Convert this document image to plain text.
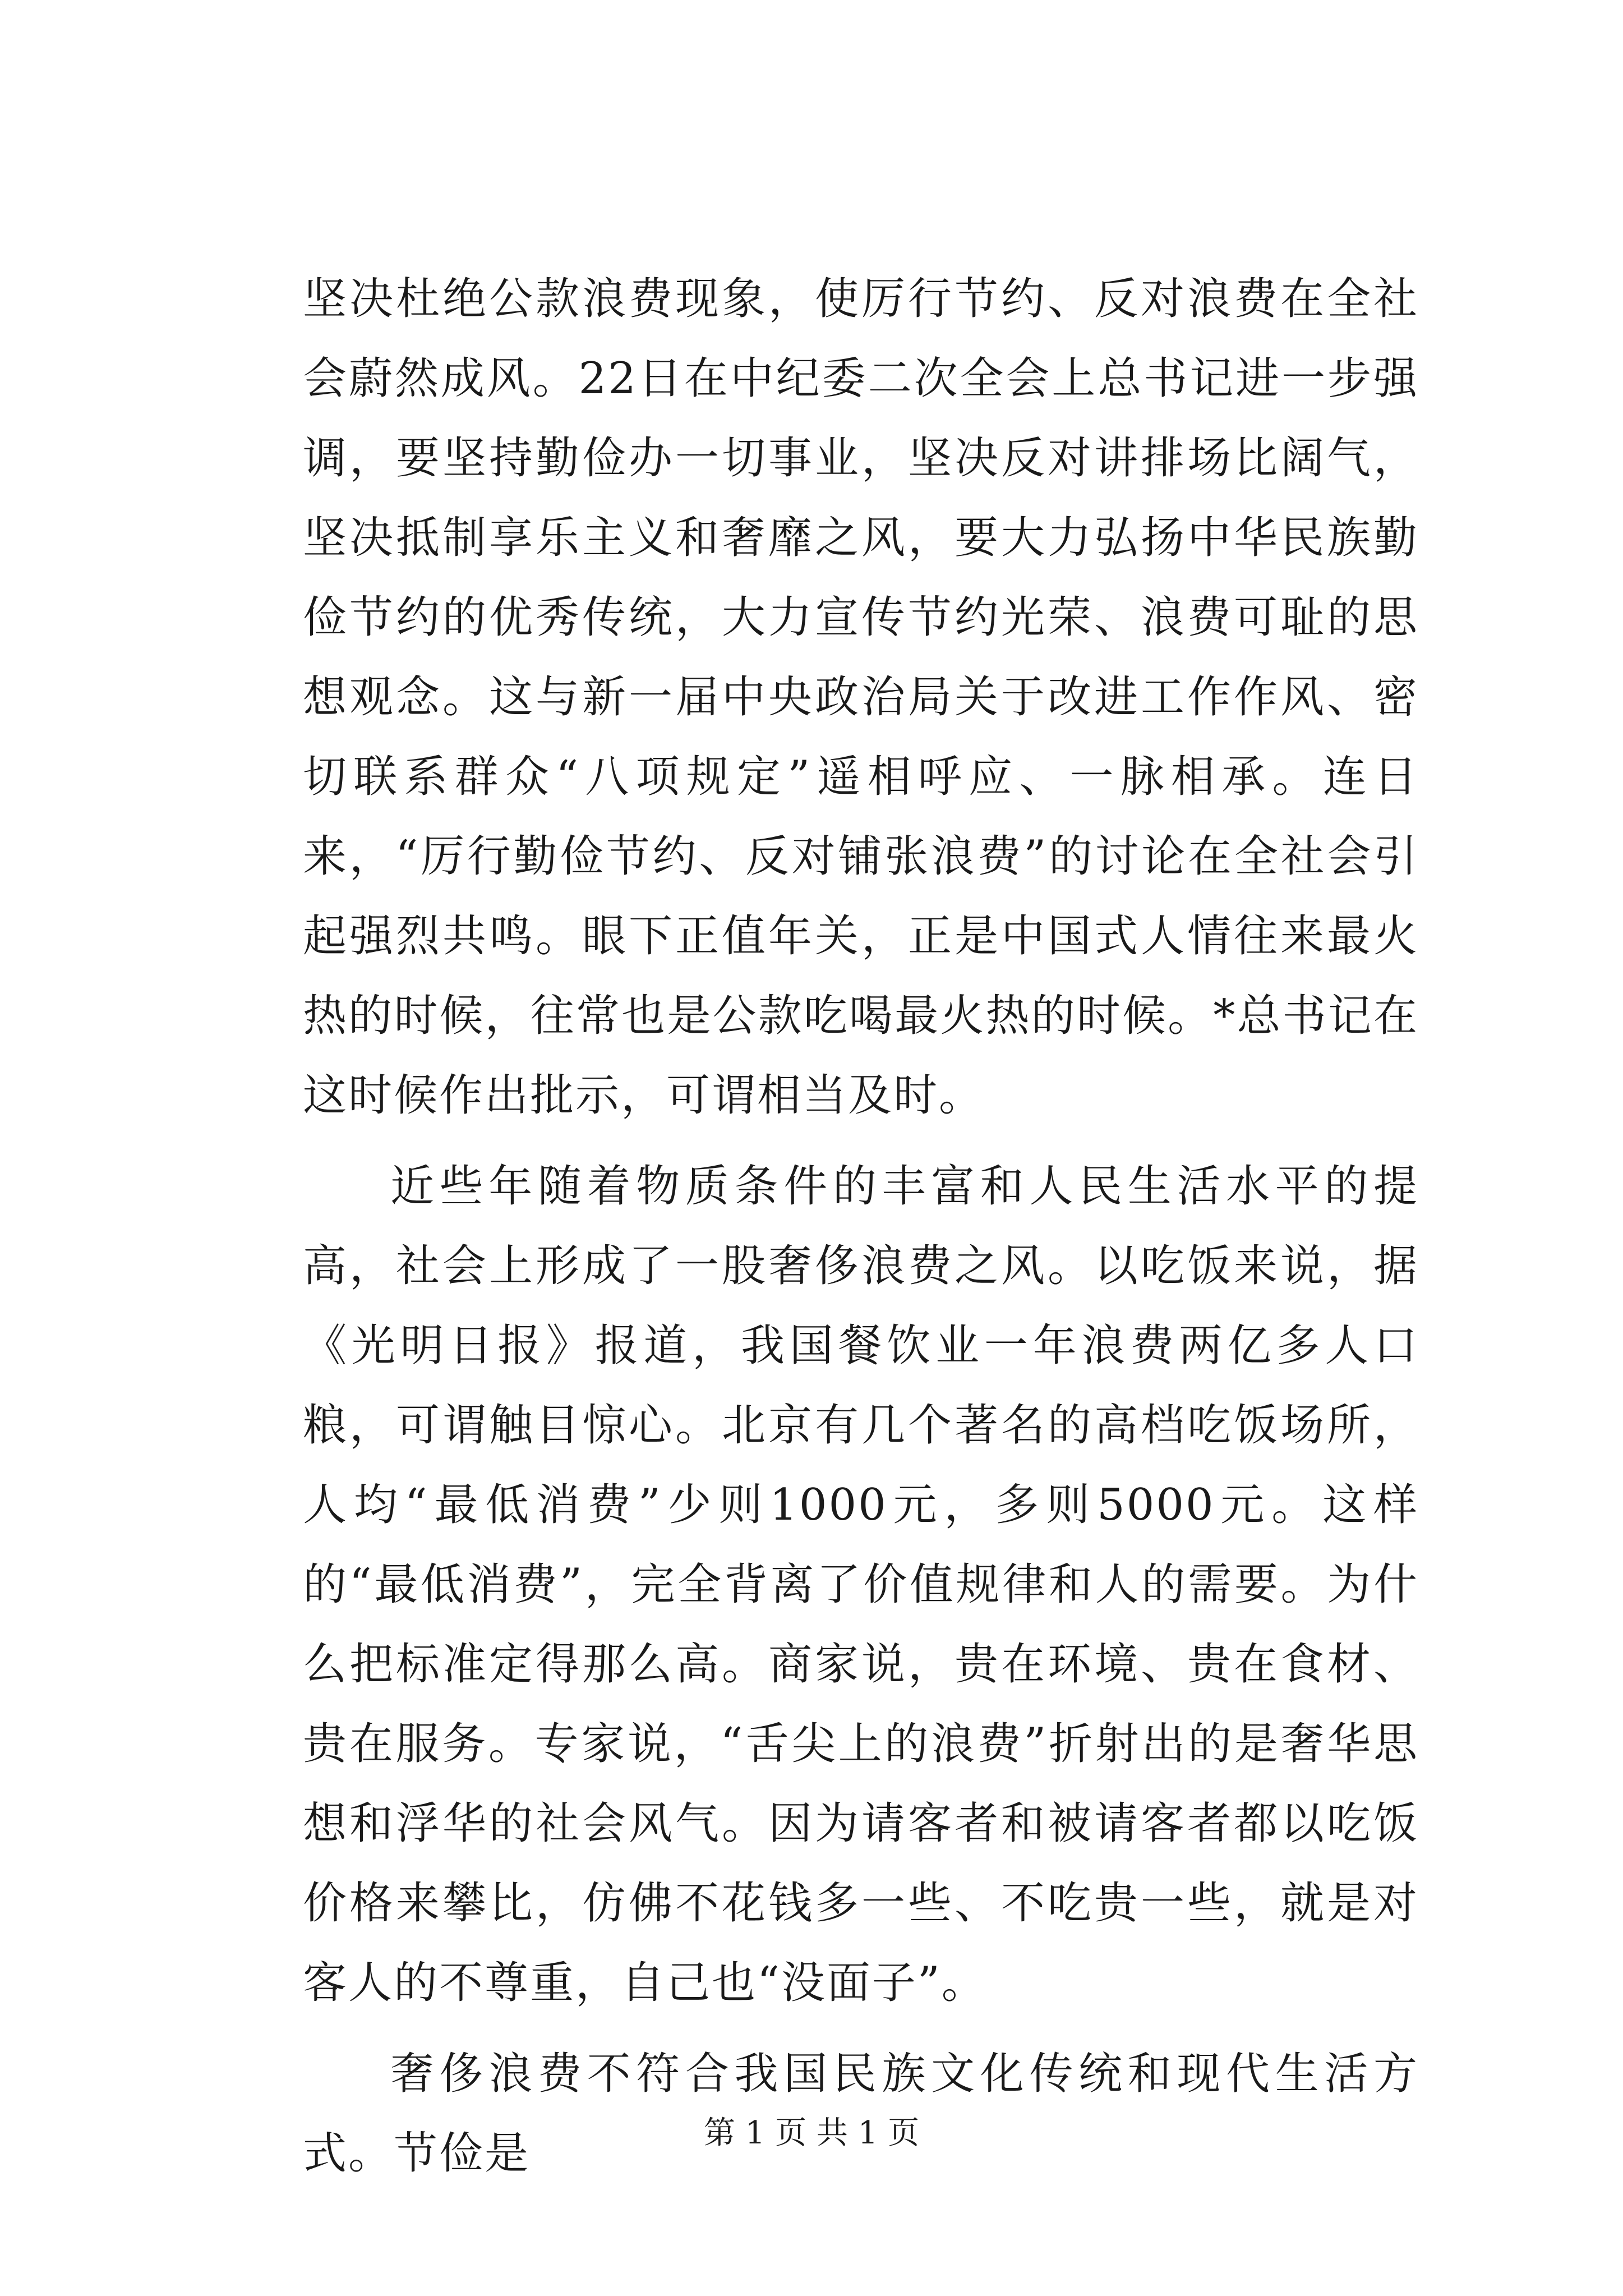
坚决杜绝公款浪费现象，使厉行节约、反对浪费在全社会蔚然成风。22日在中纪委二次全会上总书记进一步强调，要坚持勤俭办一切事业，坚决反对讲排场比阔气，坚决抵制享乐主义和奢靡之风，要大力弘扬中华民族勤俭节约的优秀传统，大力宣传节约光荣、浪费可耻的思想观念。这与新一届中央政治局关于改进工作作风、密切联系群众“八项规定”遥相呼应、一脉相承。连日来，“厉行勤俭节约、反对铺张浪费”的讨论在全社会引起强烈共鸣。眼下正值年关，正是中国式人情往来最火热的时候，往常也是公款吃喝最火热的时候。*总书记在这时候作出批示，可谓相当及时。

近些年随着物质条件的丰富和人民生活水平的提高，社会上形成了一股奢侈浪费之风。以吃饭来说，据《光明日报》报道，我国餐饮业一年浪费两亿多人口粮，可谓触目惊心。北京有几个著名的高档吃饭场所，人均“最低消费”少则1000元，多则5000元。这样的“最低消费”，完全背离了价值规律和人的需要。为什么把标准定得那么高。商家说，贵在环境、贵在食材、贵在服务。专家说，“舌尖上的浪费”折射出的是奢华思想和浮华的社会风气。因为请客者和被请客者都以吃饭价格来攀比，仿佛不花钱多一些、不吃贵一些，就是对客人的不尊重，自己也“没面子”。

奢侈浪费不符合我国民族文化传统和现代生活方式。节俭是	第 1 页 共 1 页
